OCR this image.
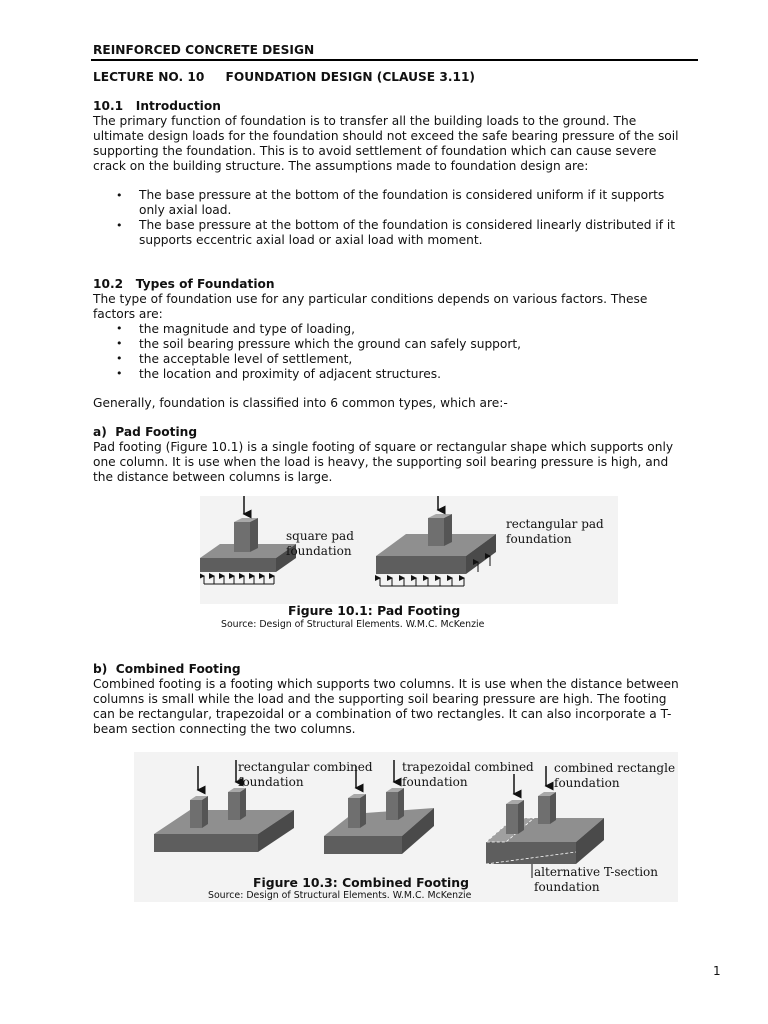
REINFORCED CONCRETE DESIGN
LECTURE NO. 10     FOUNDATION DESIGN (CLAUSE 3.11)
10.1   Introduction
The primary function of foundation is to transfer all the building loads to the ground. The
ultimate design loads for the foundation should not exceed the safe bearing pressure of the soil
supporting the foundation. This is to avoid settlement of foundation which can cause severe
crack on the building structure. The assumptions made to foundation design are:
• The base pressure at the bottom of the foundation is considered uniform if it supports
only axial load.
• The base pressure at the bottom of the foundation is considered linearly distributed if it
supports eccentric axial load or axial load with moment.
10.2   Types of Foundation
The type of foundation use for any particular conditions depends on various factors. These
factors are:
• the magnitude and type of loading,
• the soil bearing pressure which the ground can safely support,
• the acceptable level of settlement,
• the location and proximity of adjacent structures.
Generally, foundation is classified into 6 common types, which are:-
a)  Pad Footing
Pad footing (Figure 10.1) is a single footing of square or rectangular shape which supports only
one column. It is use when the load is heavy, the supporting soil bearing pressure is high, and
the distance between columns is large.
square pad
foundation
rectangular pad
foundation
Figure 10.1: Pad Footing
Source: Design of Structural Elements. W.M.C. McKenzie
b)  Combined Footing
Combined footing is a footing which supports two columns. It is use when the distance between
columns is small while the load and the supporting soil bearing pressure are high. The footing
can be rectangular, trapezoidal or a combination of two rectangles. It can also incorporate a T-
beam section connecting the two columns.
rectangular combined
foundation
trapezoidal combined
foundation
combined rectangle
foundation
alternative T-section
foundation
Figure 10.3: Combined Footing
Source: Design of Structural Elements. W.M.C. McKenzie
1
